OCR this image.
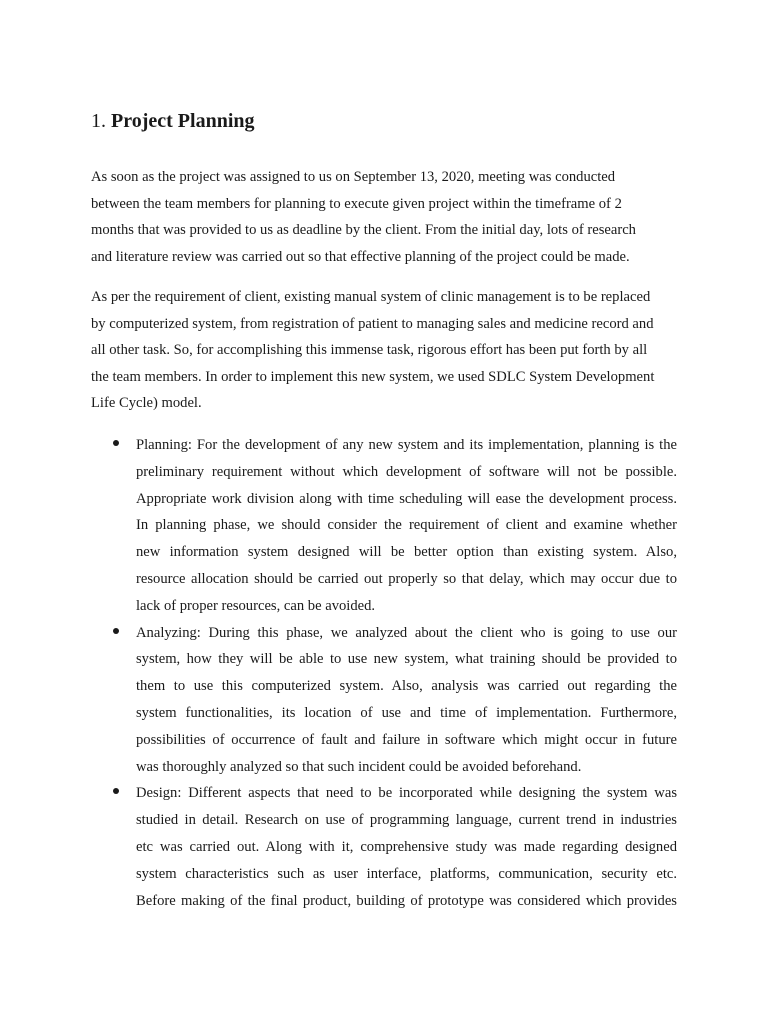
1. Project Planning

As soon as the project was assigned to us on September 13, 2020, meeting was conducted
between the team members for planning to execute given project within the timeframe of 2
months that was provided to us as deadline by the client. From the initial day, lots of research
and literature review was carried out so that effective planning of the project could be made.

As per the requirement of client, existing manual system of clinic management is to be replaced
by computerized system, from registration of patient to managing sales and medicine record and
all other task. So, for accomplishing this immense task, rigorous effort has been put forth by all
the team members. In order to implement this new system, we used SDLC System Development
Life Cycle) model.

Planning: For the development of any new system and its implementation, planning is the
preliminary requirement without which development of software will not be possible.
Appropriate work division along with time scheduling will ease the development process.
In planning phase, we should consider the requirement of client and examine whether
new information system designed will be better option than existing system. Also,
resource allocation should be carried out properly so that delay, which may occur due to
lack of proper resources, can be avoided.
Analyzing: During this phase, we analyzed about the client who is going to use our
system, how they will be able to use new system, what training should be provided to
them to use this computerized system. Also, analysis was carried out regarding the
system functionalities, its location of use and time of implementation. Furthermore,
possibilities of occurrence of fault and failure in software which might occur in future
was thoroughly analyzed so that such incident could be avoided beforehand.
Design: Different aspects that need to be incorporated while designing the system was
studied in detail. Research on use of programming language, current trend in industries
etc was carried out. Along with it, comprehensive study was made regarding designed
system characteristics such as user interface, platforms, communication, security etc.
Before making of the final product, building of prototype was considered which provides
